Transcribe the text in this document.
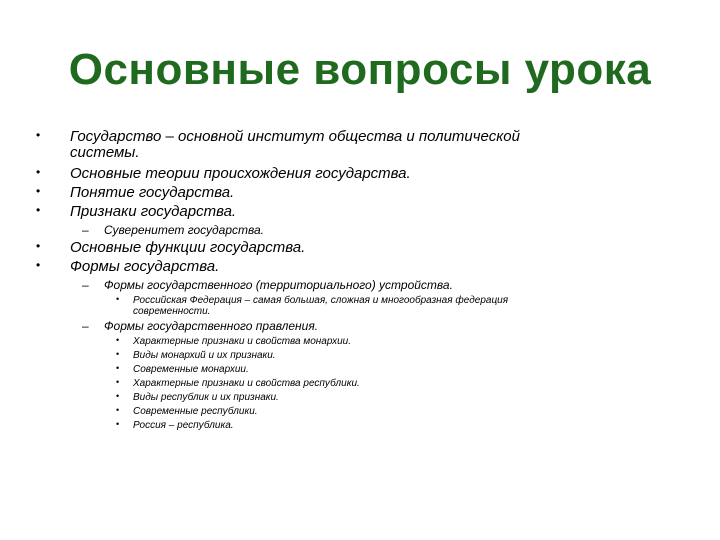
Основные вопросы урока
• Государство – основной институт общества и политической
системы.
• Основные теории происхождения государства.
• Понятие государства.
• Признаки государства.
– Суверенитет государства.
• Основные функции государства.
• Формы государства.
– Формы государственного (территориального) устройства.
• Российская Федерация – самая большая, сложная и многообразная федерация
современности.
– Формы государственного правления.
• Характерные признаки и свойства монархии.
• Виды монархий и их признаки.
• Современные монархии.
• Характерные признаки и свойства республики.
• Виды республик и их признаки.
• Современные республики.
• Россия – республика.
